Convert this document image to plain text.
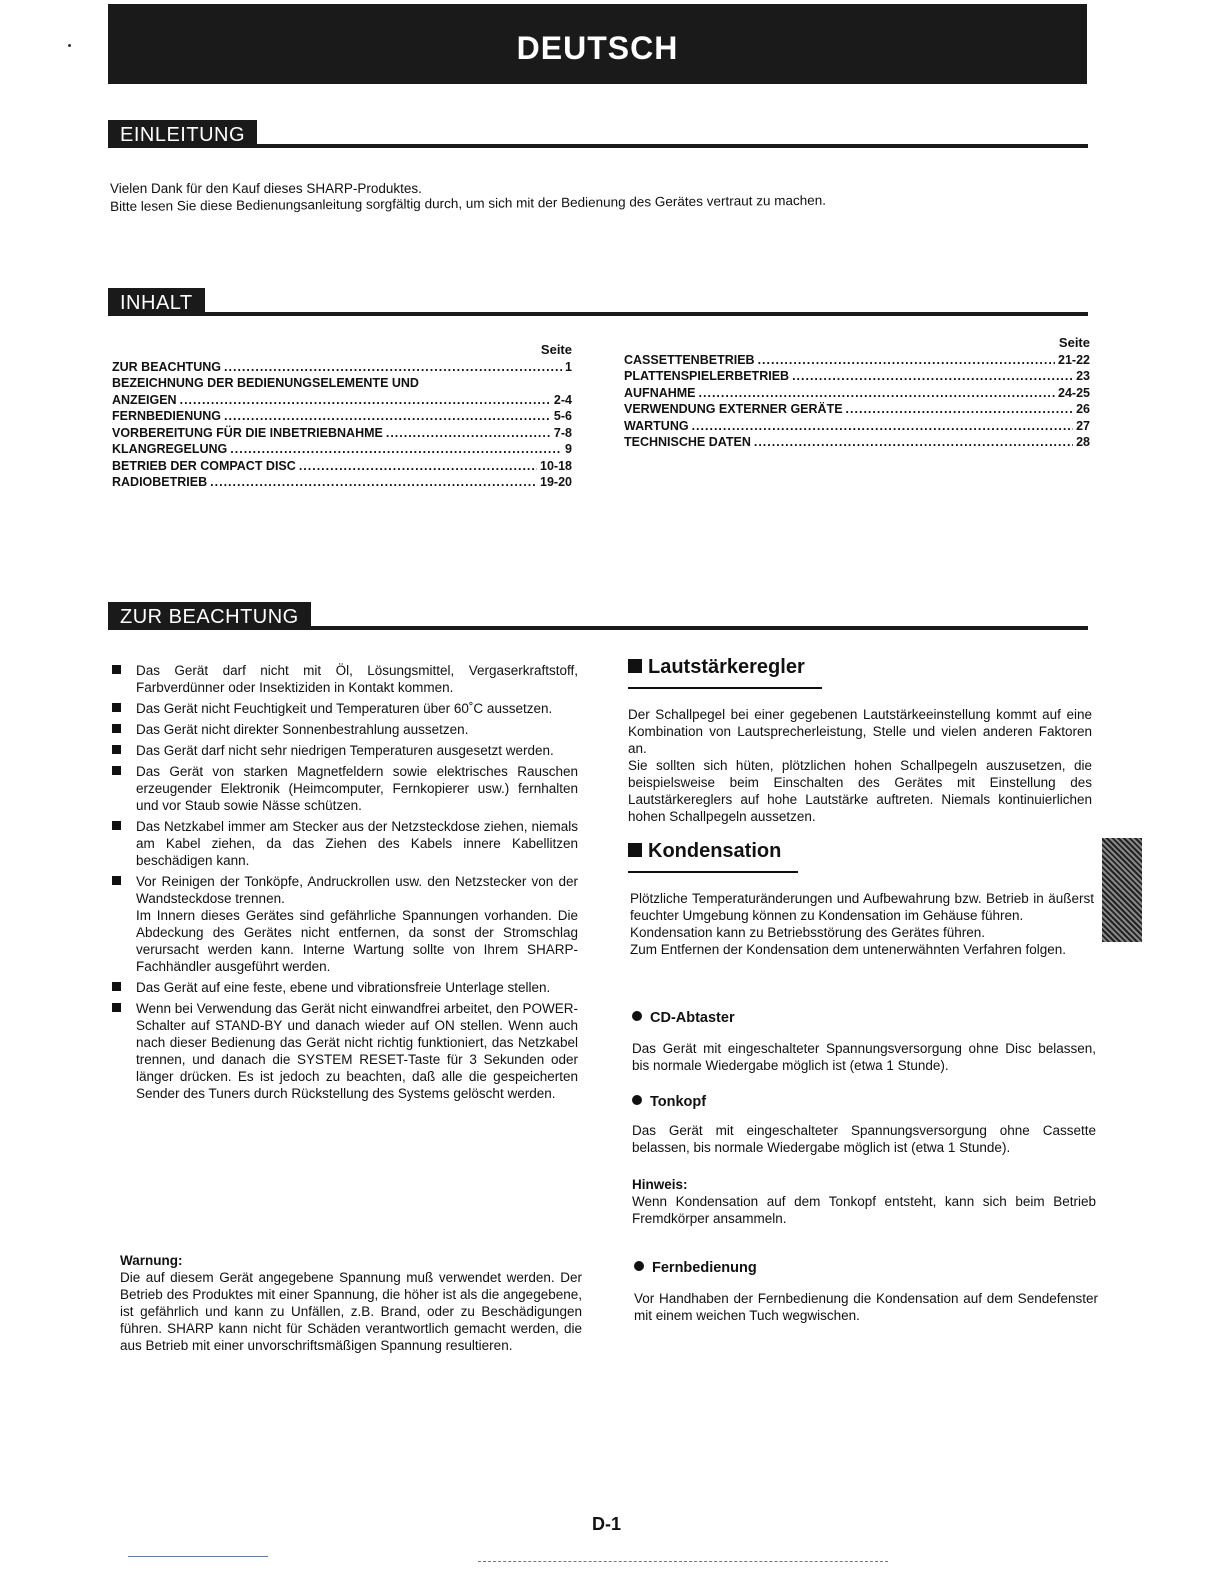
DEUTSCH
EINLEITUNG
Vielen Dank für den Kauf dieses SHARP-Produktes.
Bitte lesen Sie diese Bedienungsanleitung sorgfältig durch, um sich mit der Bedienung des Gerätes vertraut zu machen.
INHALT
Seite
ZUR BEACHTUNG .....	1
BEZEICHNUNG DER BEDIENUNGSELEMENTE UND
ANZEIGEN .....	2-4
FERNBEDIENUNG .....	5-6
VORBEREITUNG FÜR DIE INBETRIEBNAHME .....	7-8
KLANGREGELUNG .....	9
BETRIEB DER COMPACT DISC .....	10-18
RADIOBETRIEB .....	19-20
Seite
CASSETTENBETRIEB .....	21-22
PLATTENSPIELERBETRIEB .....	23
AUFNAHME .....	24-25
VERWENDUNG EXTERNER GERÄTE .....	26
WARTUNG .....	27
TECHNISCHE DATEN .....	28
ZUR BEACHTUNG

Das Gerät darf nicht mit Öl, Lösungsmittel, Vergaserkraftstoff, Farbverdünner oder Insektiziden in Kontakt kommen.

Das Gerät nicht Feuchtigkeit und Temperaturen über 60˚C aussetzen.

Das Gerät nicht direkter Sonnenbestrahlung aussetzen.

Das Gerät darf nicht sehr niedrigen Temperaturen ausgesetzt werden.

Das Gerät von starken Magnetfeldern sowie elektrisches Rauschen erzeugender Elektronik (Heimcomputer, Fernkopierer usw.) fernhalten und vor Staub sowie Nässe schützen.

Das Netzkabel immer am Stecker aus der Netzsteckdose ziehen, niemals am Kabel ziehen, da das Ziehen des Kabels innere Kabellitzen beschädigen kann.

Vor Reinigen der Tonköpfe, Andruckrollen usw. den Netzstecker von der Wandsteckdose trennen.

Im Innern dieses Gerätes sind gefährliche Spannungen vorhanden. Die Abdeckung des Gerätes nicht entfernen, da sonst der Stromschlag verursacht werden kann. Interne Wartung sollte von Ihrem SHARP-Fachhändler ausgeführt werden.

Das Gerät auf eine feste, ebene und vibrationsfreie Unterlage stellen.

Wenn bei Verwendung das Gerät nicht einwandfrei arbeitet, den POWER-Schalter auf STAND-BY und danach wieder auf ON stellen. Wenn auch nach dieser Bedienung das Gerät nicht richtig funktioniert, das Netzkabel trennen, und danach die SYSTEM RESET-Taste für 3 Sekunden oder länger drücken. Es ist jedoch zu beachten, daß alle die gespeicherten Sender des Tuners durch Rückstellung des Systems gelöscht werden.

Warnung:

Die auf diesem Gerät angegebene Spannung muß verwendet werden. Der Betrieb des Produktes mit einer Spannung, die höher ist als die angegebene, ist gefährlich und kann zu Unfällen, z.B. Brand, oder zu Beschädigungen führen. SHARP kann nicht für Schäden verantwortlich gemacht werden, die aus Betrieb mit einer unvorschriftsmäßigen Spannung resultieren.

Lautstärkeregler

Der Schallpegel bei einer gegebenen Lautstärkeeinstellung kommt auf eine Kombination von Lautsprecherleistung, Stelle und vielen anderen Faktoren an.

Sie sollten sich hüten, plötzlichen hohen Schallpegeln auszusetzen, die beispielsweise beim Einschalten des Gerätes mit Einstellung des Lautstärkereglers auf hohe Lautstärke auftreten. Niemals kontinuierlichen hohen Schallpegeln aussetzen.

Kondensation

Plötzliche Temperaturänderungen und Aufbewahrung bzw. Betrieb in äußerst feuchter Umgebung können zu Kondensation im Gehäuse führen.

Kondensation kann zu Betriebsstörung des Gerätes führen.

Zum Entfernen der Kondensation dem untenerwähnten Verfahren folgen.

CD-Abtaster
Das Gerät mit eingeschalteter Spannungsversorgung ohne Disc belassen, bis normale Wiedergabe möglich ist (etwa 1 Stunde).
Tonkopf
Das Gerät mit eingeschalteter Spannungsversorgung ohne Cassette belassen, bis normale Wiedergabe möglich ist (etwa 1 Stunde).

Hinweis:

Wenn Kondensation auf dem Tonkopf entsteht, kann sich beim Betrieb Fremdkörper ansammeln.

Fernbedienung
Vor Handhaben der Fernbedienung die Kondensation auf dem Sendefenster mit einem weichen Tuch wegwischen.
D-1
